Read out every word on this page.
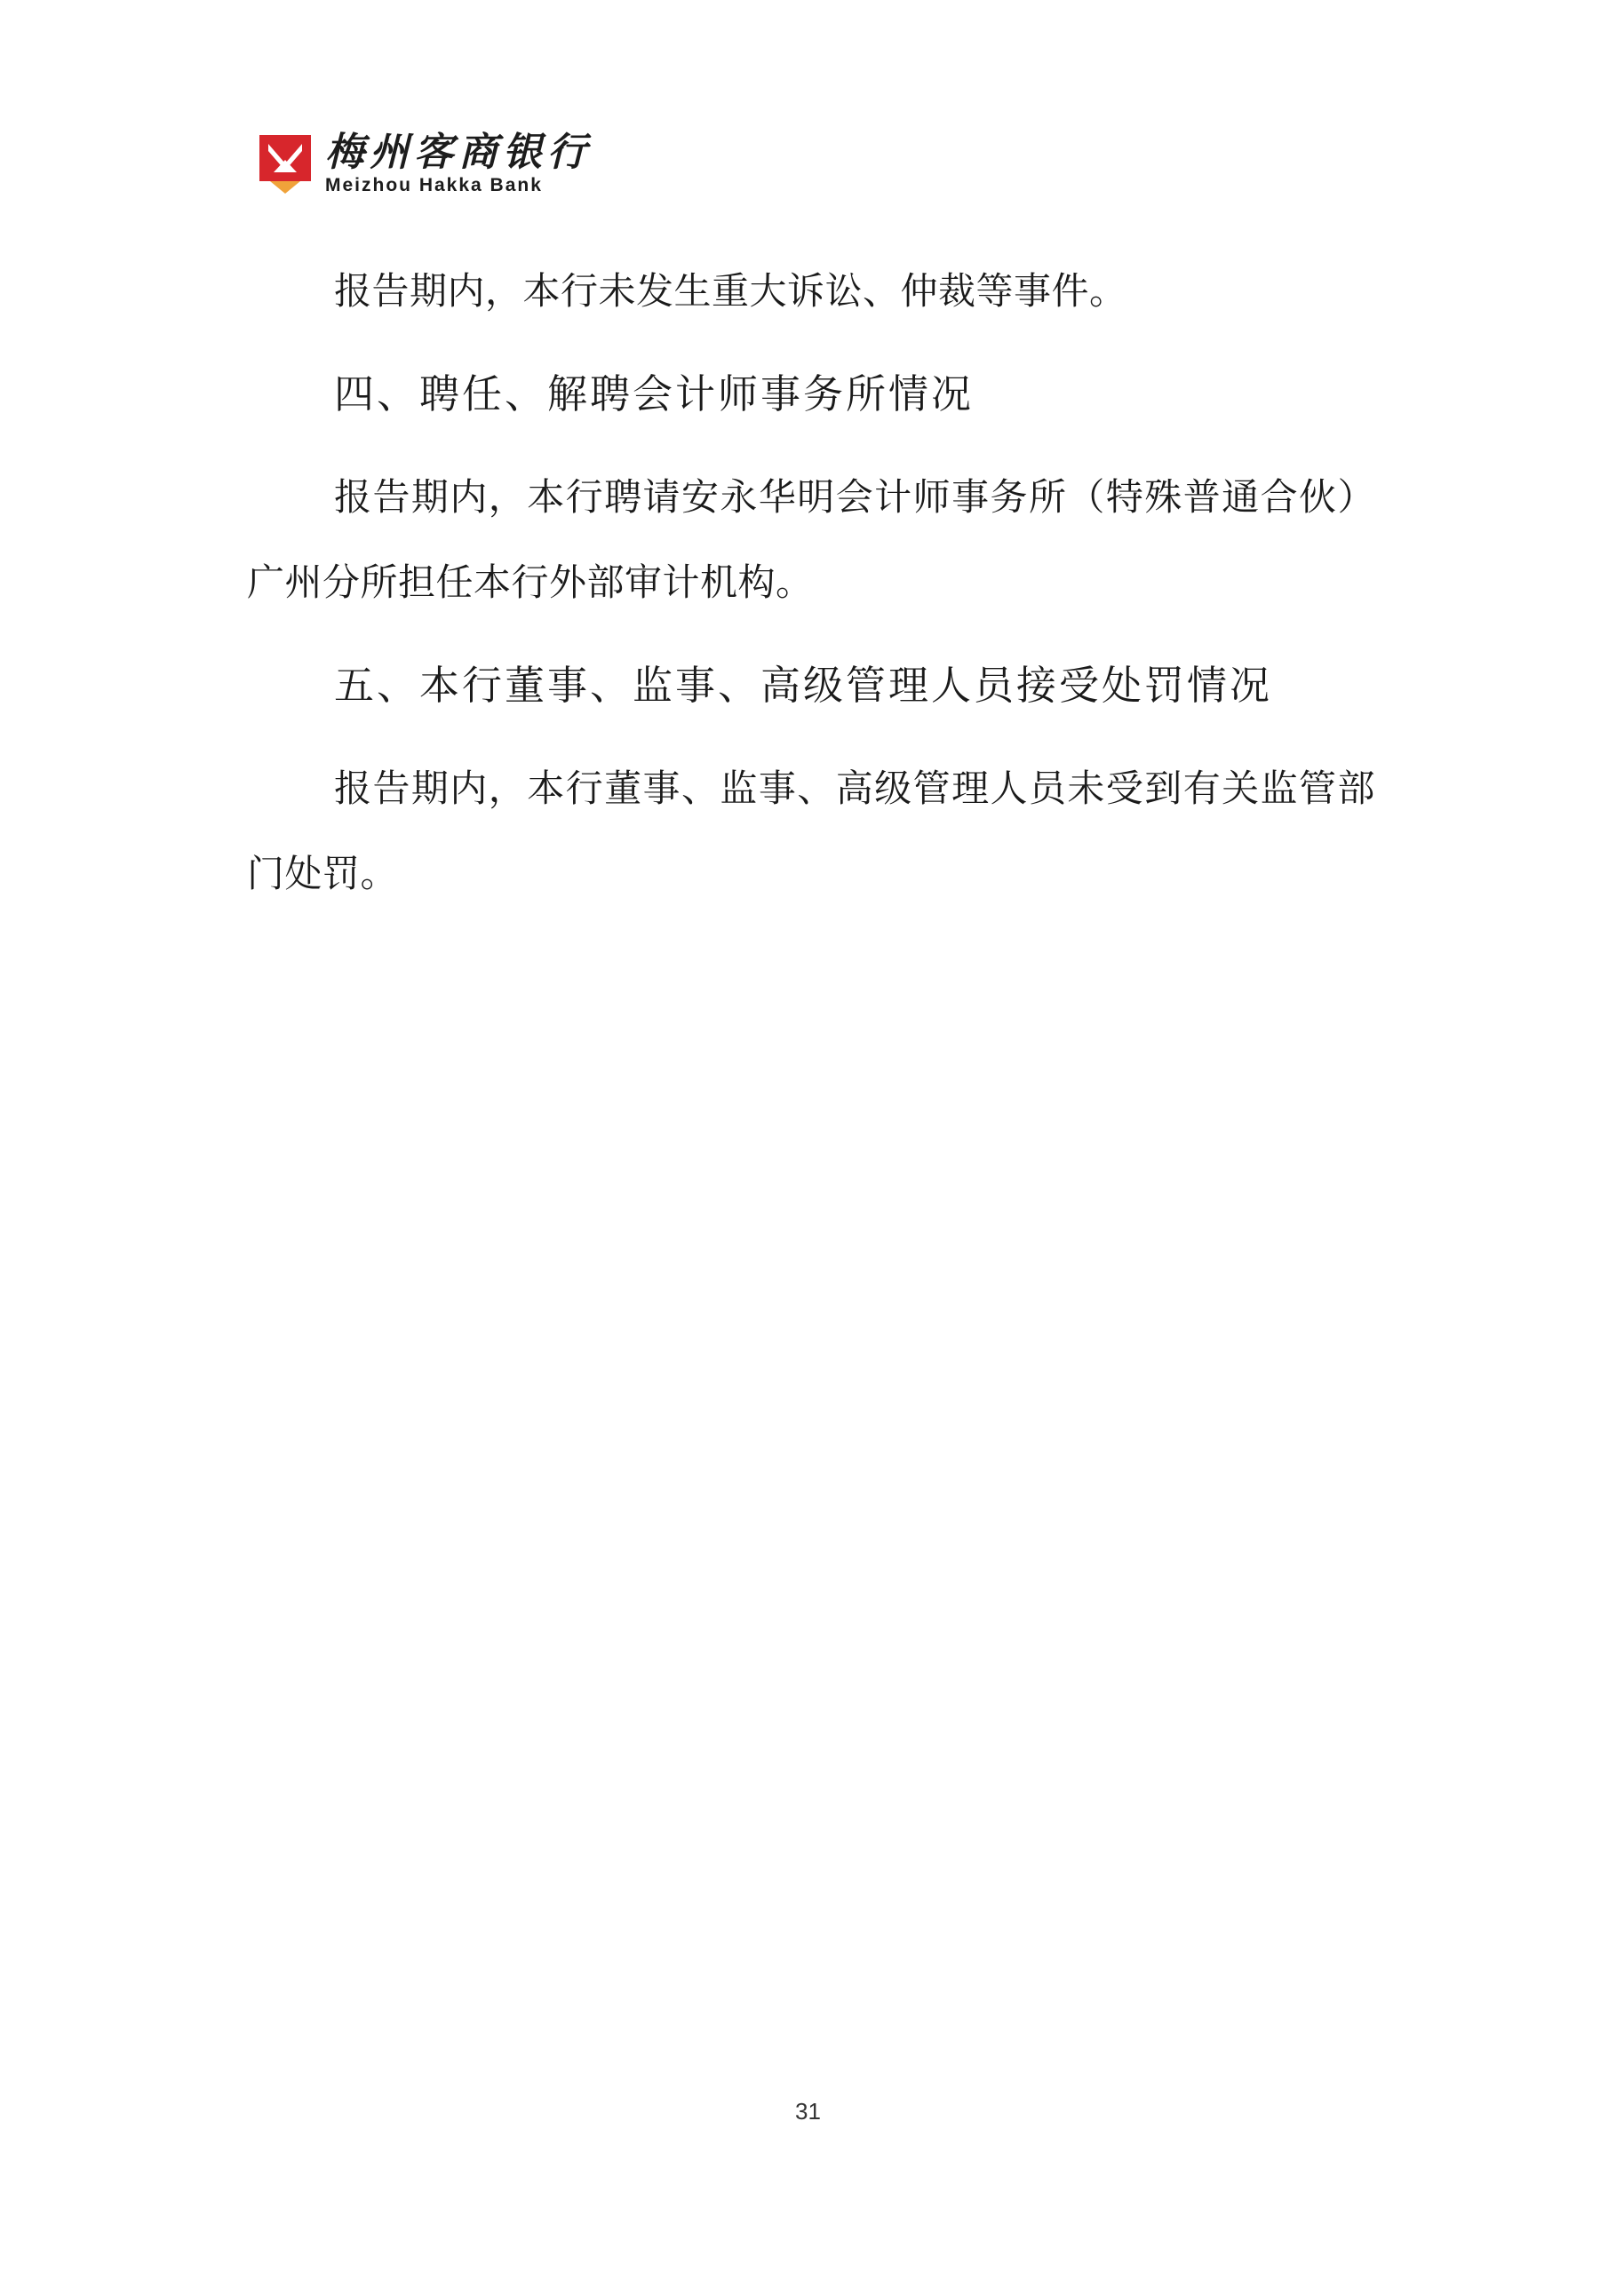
梅州客商银行
Meizhou Hakka Bank

报告期内，本行未发生重大诉讼、仲裁等事件。

四、聘任、解聘会计师事务所情况

报告期内，本行聘请安永华明会计师事务所（特殊普通合伙）广州分所担任本行外部审计机构。

五、本行董事、监事、高级管理人员接受处罚情况

报告期内，本行董事、监事、高级管理人员未受到有关监管部门处罚。

31
